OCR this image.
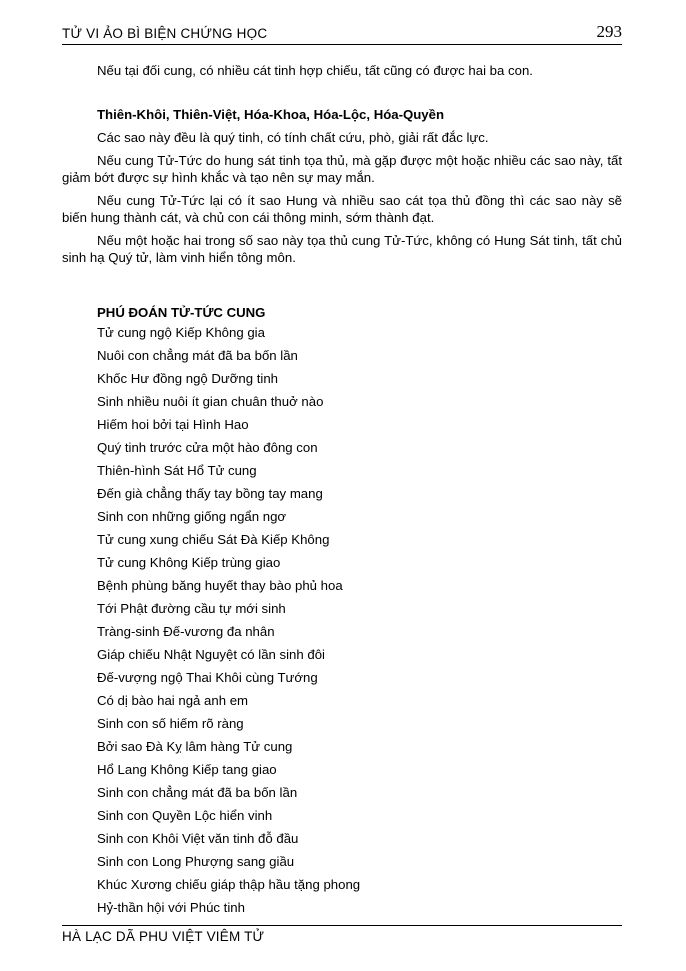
TỬ VI ẢO BÌ BIỆN CHỨNG HỌC	293

Nếu tại đối cung, có nhiều cát tinh hợp chiếu, tất cũng có được hai ba con.

Thiên-Khôi, Thiên-Việt, Hóa-Khoa, Hóa-Lộc, Hóa-Quyền

Các sao này đều là quý tinh, có tính chất cứu, phò, giải rất đắc lực.

Nếu cung Tử-Tức do hung sát tinh tọa thủ, mà gặp được một hoặc nhiều các sao này, tất giảm bớt được sự hình khắc và tạo nên sự may mắn.

Nếu cung Tử-Tức lại có ít sao Hung và nhiều sao cát tọa thủ đồng thì các sao này sẽ biến hung thành cát, và chủ con cái thông minh, sớm thành đạt.

Nếu một hoặc hai trong số sao này tọa thủ cung Tử-Tức, không có Hung Sát tinh, tất chủ sinh hạ Quý tử, làm vinh hiển tông môn.

PHÚ ĐOÁN TỬ-TỨC CUNG
Tử cung ngộ Kiếp Không gia
Nuôi con chẳng mát đã ba bốn lần
Khốc Hư đồng ngộ Dưỡng tinh
Sinh nhiều nuôi ít gian chuân thuở nào
Hiếm hoi bởi tại Hình Hao
Quý tinh trước cửa một hào đông con
Thiên-hình Sát Hổ Tử cung
Đến già chẳng thấy tay bồng tay mang
Sinh con những giống ngẩn ngơ
Tử cung xung chiếu Sát Đà Kiếp Không
Tử cung Không Kiếp trùng giao
Bệnh phùng băng huyết thay bào phủ hoa
Tới Phật đường cầu tự mới sinh
Tràng-sinh Đế-vương đa nhân
Giáp chiếu Nhật Nguyệt có lần sinh đôi
Đế-vượng ngộ Thai Khôi cùng Tướng
Có dị bào hai ngả anh em
Sinh con số hiếm rõ ràng
Bởi sao Đà Kỵ lâm hàng Tử cung
Hổ Lang Không Kiếp tang giao
Sinh con chẳng mát đã ba bốn lần
Sinh con Quyền Lộc hiển vinh
Sinh con Khôi Việt văn tinh đỗ đầu
Sinh con Long Phượng sang giầu
Khúc Xương chiếu giáp thập hầu tặng phong
Hỷ-thần hội với Phúc tinh
HÀ LẠC DÃ PHU VIỆT VIÊM TỬ
